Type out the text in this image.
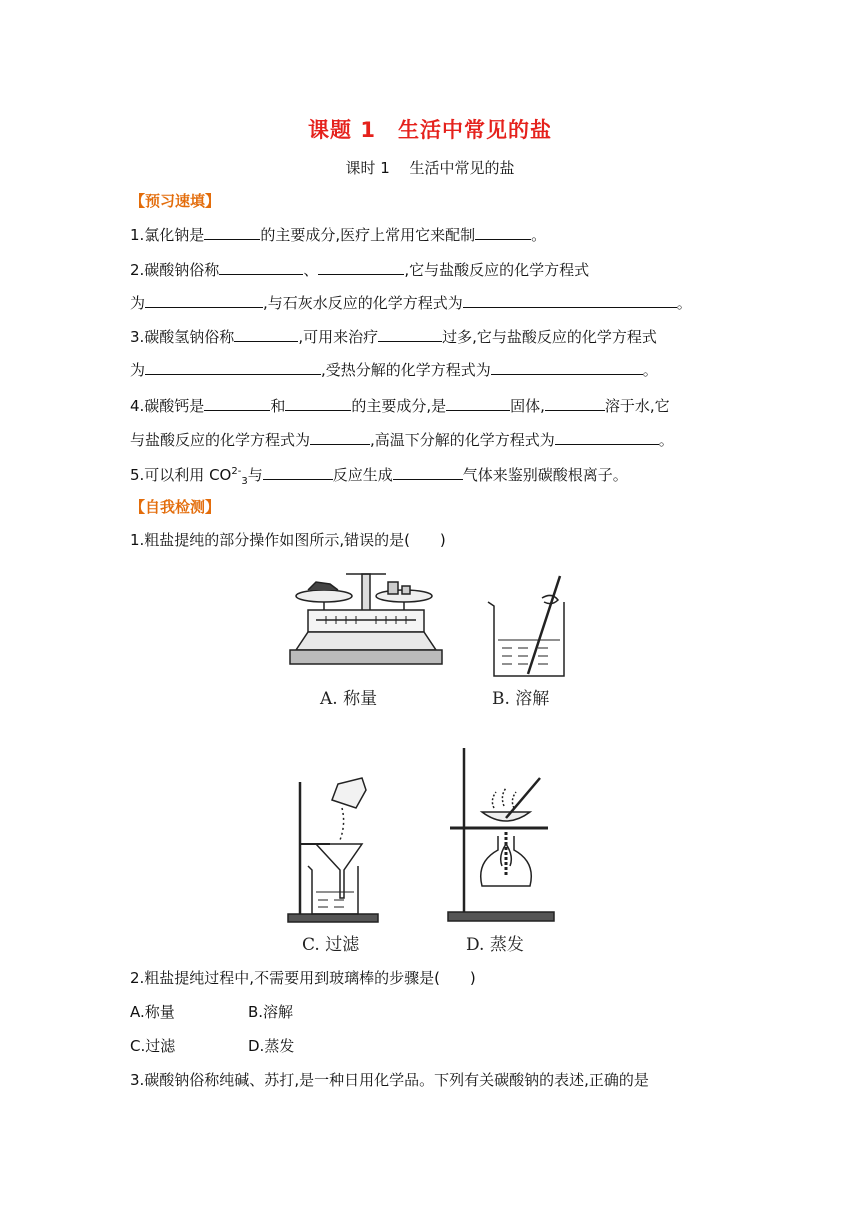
课题 1　生活中常见的盐
课时 1　 生活中常见的盐
【预习速填】
1.氯化钠是	的主要成分,医疗上常用它来配制	。
2.碳酸钠俗称	、	,它与盐酸反应的化学方程式
为	,与石灰水反应的化学方程式为	。
3.碳酸氢钠俗称	,可用来治疗	过多,它与盐酸反应的化学方程式
为	,受热分解的化学方程式为	。
4.碳酸钙是	和	的主要成分,是	固体,	溶于水,它
与盐酸反应的化学方程式为	,高温下分解的化学方程式为	。
5.可以利用 $CO^{2-}_3$与	反应生成	气体来鉴别碳酸根离子。
【自我检测】
1.粗盐提纯的部分操作如图所示,错误的是(　　)
A. 称量	B. 溶解
C. 过滤	D. 蒸发
2.粗盐提纯过程中,不需要用到玻璃棒的步骤是(　　)
A.称量	B.溶解
C.过滤	D.蒸发
3.碳酸钠俗称纯碱、苏打,是一种日用化学品。下列有关碳酸钠的表述,正确的是
